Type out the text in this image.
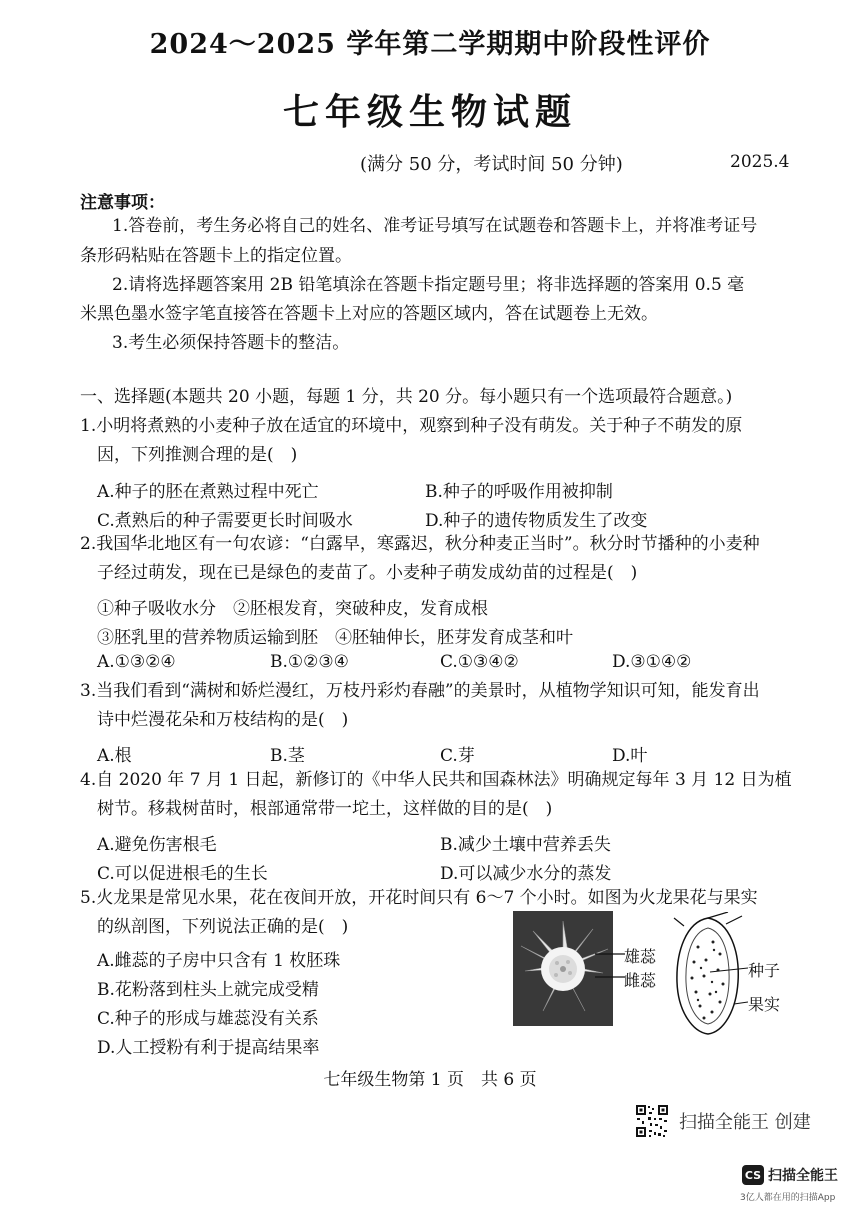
2024～2025 学年第二学期期中阶段性评价
七年级生物试题
(满分 50 分，考试时间 50 分钟)	2025.4
注意事项：
1.答卷前，考生务必将自己的姓名、准考证号填写在试题卷和答题卡上，并将准考证号
条形码粘贴在答题卡上的指定位置。
2.请将选择题答案用 2B 铅笔填涂在答题卡指定题号里；将非选择题的答案用 0.5 毫
米黑色墨水签字笔直接答在答题卡上对应的答题区域内，答在试题卷上无效。
3.考生必须保持答题卡的整洁。
一、选择题(本题共 20 小题，每题 1 分，共 20 分。每小题只有一个选项最符合题意。)
1.小明将煮熟的小麦种子放在适宜的环境中，观察到种子没有萌发。关于种子不萌发的原
因，下列推测合理的是(　)
A.种子的胚在煮熟过程中死亡	B.种子的呼吸作用被抑制
C.煮熟后的种子需要更长时间吸水	D.种子的遗传物质发生了改变
2.我国华北地区有一句农谚：“白露早，寒露迟，秋分种麦正当时”。秋分时节播种的小麦种
子经过萌发，现在已是绿色的麦苗了。小麦种子萌发成幼苗的过程是(　)
①种子吸收水分　②胚根发育，突破种皮，发育成根
③胚乳里的营养物质运输到胚　④胚轴伸长，胚芽发育成茎和叶
A.①③②④	B.①②③④	C.①③④②	D.③①④②
3.当我们看到“满树和娇烂漫红，万枝丹彩灼春融”的美景时，从植物学知识可知，能发育出
诗中烂漫花朵和万枝结构的是(　)
A.根	B.茎	C.芽	D.叶
4.自 2020 年 7 月 1 日起，新修订的《中华人民共和国森林法》明确规定每年 3 月 12 日为植
树节。移栽树苗时，根部通常带一坨土，这样做的目的是(　)
A.避免伤害根毛	B.减少土壤中营养丢失
C.可以促进根毛的生长	D.可以减少水分的蒸发
5.火龙果是常见水果，花在夜间开放，开花时间只有 6～7 个小时。如图为火龙果花与果实
的纵剖图，下列说法正确的是(　)
A.雌蕊的子房中只含有 1 枚胚珠
B.花粉落到柱头上就完成受精
C.种子的形成与雄蕊没有关系
D.人工授粉有利于提高结果率
雄蕊
雌蕊
种子
果实
七年级生物第 1 页　共 6 页
扫描全能王 创建
CS 扫描全能王
3亿人都在用的扫描App
